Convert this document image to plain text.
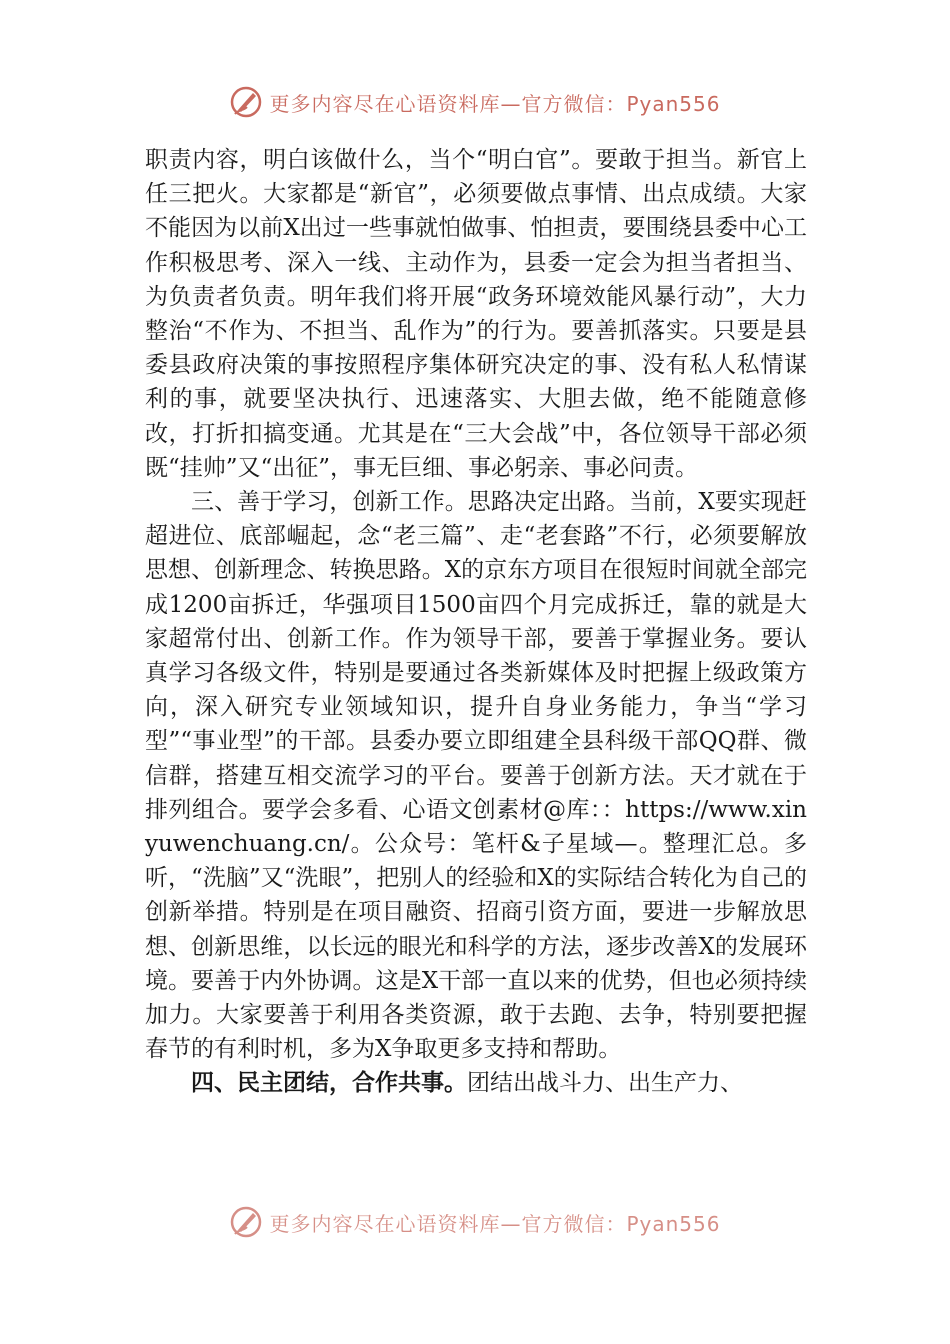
更多内容尽在心语资料库—官方微信：Pyan556

职责内容，明白该做什么，当个“明白官”。要敢于担当。新官上任三把火。大家都是“新官”，必须要做点事情、出点成绩。大家不能因为以前X出过一些事就怕做事、怕担责，要围绕县委中心工作积极思考、深入一线、主动作为，县委一定会为担当者担当、为负责者负责。明年我们将开展“政务环境效能风暴行动”，大力整治“不作为、不担当、乱作为”的行为。要善抓落实。只要是县委县政府决策的事按照程序集体研究决定的事、没有私人私情谋利的事，就要坚决执行、迅速落实、大胆去做，绝不能随意修改，打折扣搞变通。尤其是在“三大会战”中，各位领导干部必须既“挂帅”又“出征”，事无巨细、事必躬亲、事必问责。

三、善于学习，创新工作。思路决定出路。当前，X要实现赶超进位、底部崛起，念“老三篇”、走“老套路”不行，必须要解放思想、创新理念、转换思路。X的京东方项目在很短时间就全部完成1200亩拆迁，华强项目1500亩四个月完成拆迁，靠的就是大家超常付出、创新工作。作为领导干部，要善于掌握业务。要认真学习各级文件，特别是要通过各类新媒体及时把握上级政策方向，深入研究专业领域知识，提升自身业务能力，争当“学习型”“事业型”的干部。县委办要立即组建全县科级干部QQ群、微信群，搭建互相交流学习的平台。要善于创新方法。天才就在于排列组合。要学会多看、心语文创素材@库：：https://www.xinyuwenchuang.cn/。公众号：笔杆&子星域—。整理汇总。多听，“洗脑”又“洗眼”，把别人的经验和X的实际结合转化为自己的创新举措。特别是在项目融资、招商引资方面，要进一步解放思想、创新思维，以长远的眼光和科学的方法，逐步改善X的发展环境。要善于内外协调。这是X干部一直以来的优势，但也必须持续加力。大家要善于利用各类资源，敢于去跑、去争，特别要把握春节的有利时机，多为X争取更多支持和帮助。

四、民主团结，合作共事。团结出战斗力、出生产力、

更多内容尽在心语资料库—官方微信：Pyan556
